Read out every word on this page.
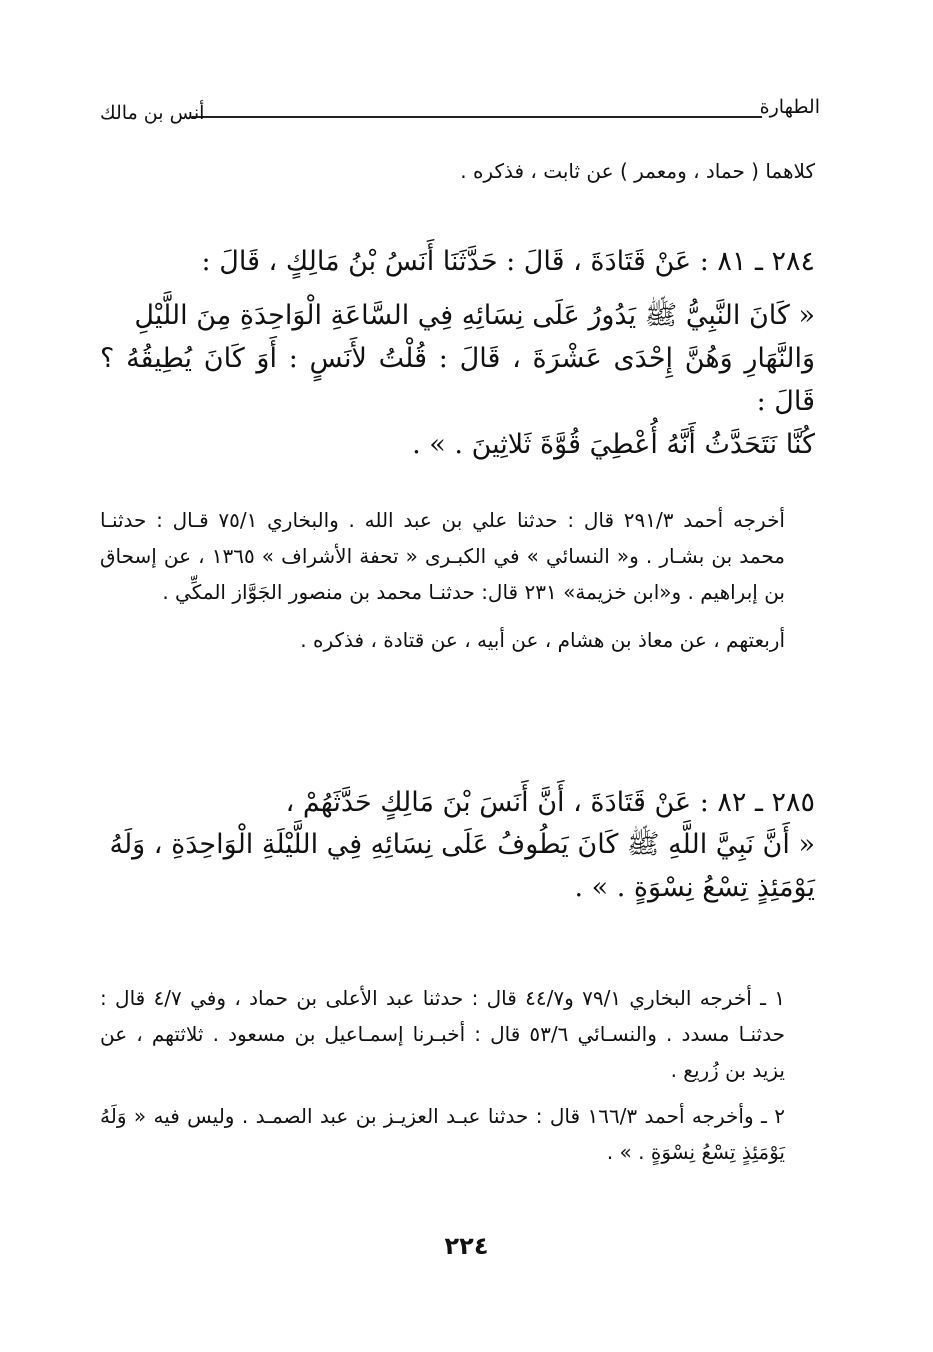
الطهارة
أنس بن مالك

كلاهما ( حماد ، ومعمر ) عن ثابت ، فذكره .

٢٨٤ ـ ٨١ : عَنْ قَتَادَةَ ، قَالَ : حَدَّثَنَا أَنَسُ بْنُ مَالِكٍ ، قَالَ :

« كَانَ النَّبِيُّ ﷺ يَدُورُ عَلَى نِسَائِهِ فِي السَّاعَةِ الْوَاحِدَةِ مِنَ اللَّيْلِ

وَالنَّهَارِ وَهُنَّ إِحْدَى عَشْرَةَ ، قَالَ : قُلْتُ لأَنَسٍ : أَوَ كَانَ يُطِيقُهُ ؟ قَالَ :

كُنَّا نَتَحَدَّثُ أَنَّهُ أُعْطِيَ قُوَّةَ ثَلاثِينَ . » .

أخرجه أحمد ٢٩١/٣ قال : حدثنا علي بن عبد الله . والبخاري ٧٥/١ قـال : حدثنـا محمد بن بشـار . و« النسائي » في الكبـرى « تحفة الأشراف » ١٣٦٥ ، عن إسحاق بن إبراهيم . و«ابن خزيمة» ٢٣١ قال: حدثنـا محمد بن منصور الجَوَّاز المكِّي .

أربعتهم ، عن معاذ بن هشام ، عن أبيه ، عن قتادة ، فذكره .

٢٨٥ ـ ٨٢ : عَنْ قَتَادَةَ ، أَنَّ أَنَسَ بْنَ مَالِكٍ حَدَّثَهُمْ ،

« أَنَّ نَبِيَّ اللَّهِ ﷺ كَانَ يَطُوفُ عَلَى نِسَائِهِ فِي اللَّيْلَةِ الْوَاحِدَةِ ، وَلَهُ

يَوْمَئِذٍ تِسْعُ نِسْوَةٍ . » .

١ ـ أخرجه البخاري ٧٩/١ و٤٤/٧ قال : حدثنا عبد الأعلى بن حماد ، وفي ٤/٧ قال : حدثنـا مسدد . والنسـائي ٥٣/٦ قال : أخبـرنا إسمـاعيل بن مسعود . ثلاثتهم ، عن يزيد بن زُريع .

٢ ـ وأخرجه أحمد ١٦٦/٣ قال : حدثنا عبـد العزيـز بن عبد الصمـد . وليس فيه « وَلَهُ يَوْمَئِذٍ تِسْعُ نِسْوَةٍ . » .

٢٢٤
